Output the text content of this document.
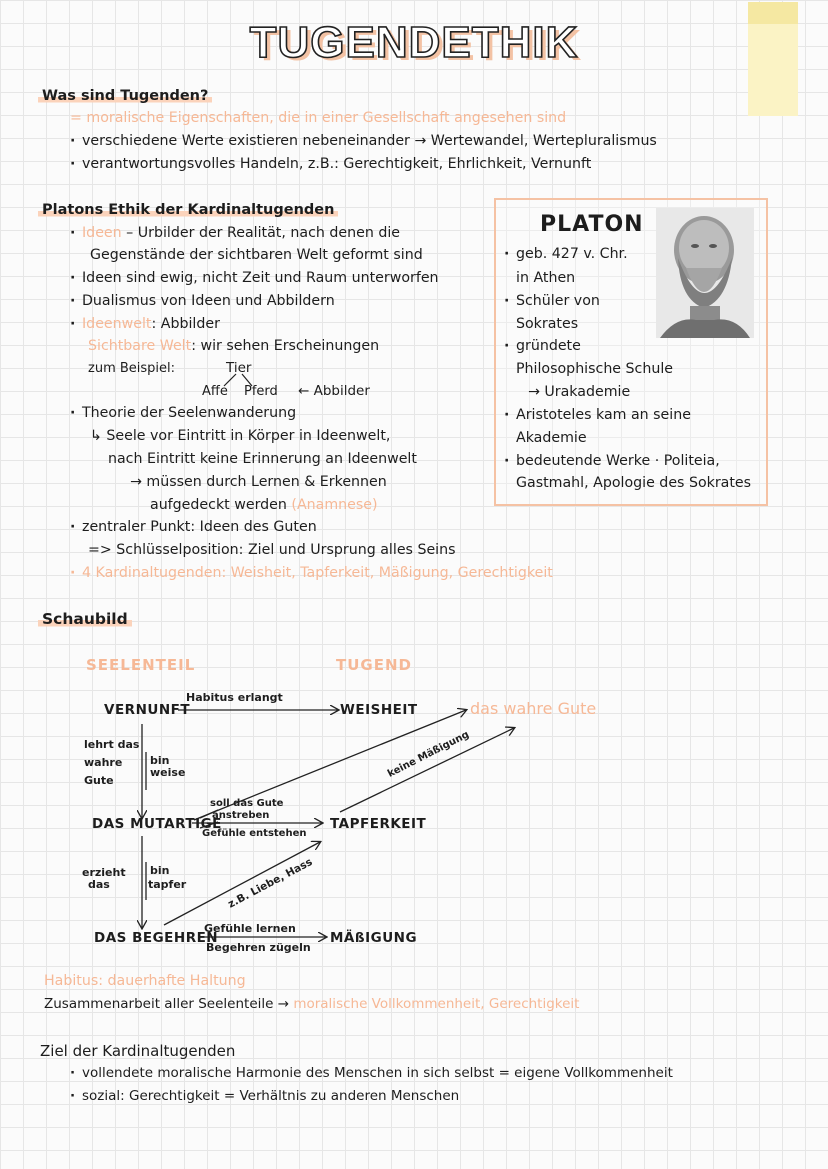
TUGENDETHIK
Was sind Tugenden?
= moralische Eigenschaften, die in einer Gesellschaft angesehen sind
· verschiedene Werte existieren nebeneinander → Wertewandel, Wertepluralismus
· verantwortungsvolles Handeln, z.B.: Gerechtigkeit, Ehrlichkeit, Vernunft
Platons Ethik der Kardinaltugenden
· Ideen – Urbilder der Realität, nach denen die
Gegenstände der sichtbaren Welt geformt sind
· Ideen sind ewig, nicht Zeit und Raum unterworfen
· Dualismus von Ideen und Abbildern
· Ideenwelt: Abbilder
Sichtbare Welt: wir sehen Erscheinungen
zum Beispiel:	Tier
Affe Pferd ← Abbilder
· Theorie der Seelenwanderung
↳ Seele vor Eintritt in Körper in Ideenwelt,
nach Eintritt keine Erinnerung an Ideenwelt
→ müssen durch Lernen & Erkennen
aufgedeckt werden (Anamnese)
· zentraler Punkt: Ideen des Guten
=> Schlüsselposition: Ziel und Ursprung alles Seins
· 4 Kardinaltugenden: Weisheit, Tapferkeit, Mäßigung, Gerechtigkeit
PLATON
· geb. 427 v. Chr.
in Athen
· Schüler von
Sokrates
· gründete
Philosophische Schule
→ Urakademie
· Aristoteles kam an seine
Akademie
· bedeutende Werke · Politeia,
Gastmahl, Apologie des Sokrates
Schaubild
SEELENTEIL	TUGEND
VERNUNFT	WEISHEIT	das wahre Gute
DAS MUTARTIGE	TAPFERKEIT
DAS BEGEHREN	MÄßIGUNG
Habitus erlangt
lehrt das
wahre
Gute
bin
weise
soll das Gute
anstreben
Gefühle entstehen
keine Mäßigung
erzieht
das
bin
tapfer	z.B. Liebe, Hass
Gefühle lernen
Begehren zügeln
Habitus: dauerhafte Haltung
Zusammenarbeit aller Seelenteile → moralische Vollkommenheit, Gerechtigkeit
Ziel der Kardinaltugenden
· vollendete moralische Harmonie des Menschen in sich selbst = eigene Vollkommenheit
· sozial: Gerechtigkeit = Verhältnis zu anderen Menschen
